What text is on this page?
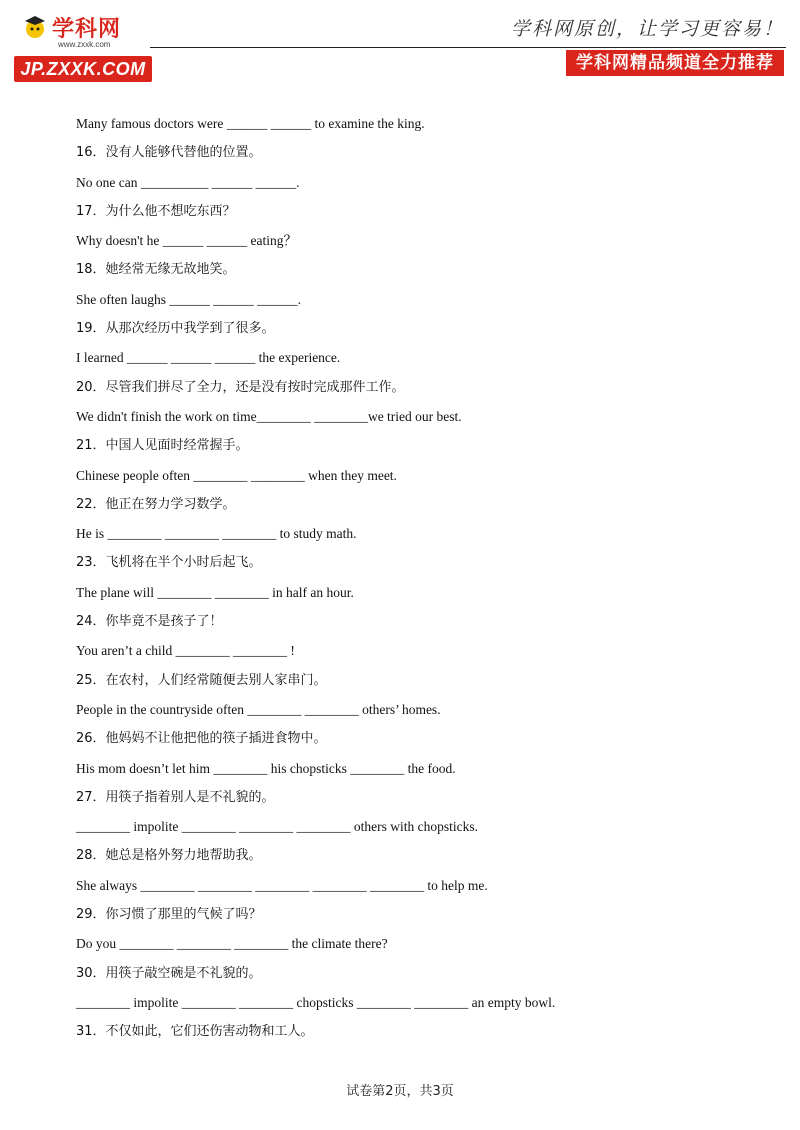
学科网
www.zxxk.com
JP.ZXXK.COM
学科网原创，让学习更容易！
学科网精品频道全力推荐
Many famous doctors were ______ ______ to examine the king.
16．没有人能够代替他的位置。
No one can __________ ______ ______.
17．为什么他不想吃东西？
Why doesn't he ______ ______ eating？
18．她经常无缘无故地笑。
She often laughs ______ ______ ______.
19．从那次经历中我学到了很多。
I learned ______ ______ ______ the experience.
20．尽管我们拼尽了全力，还是没有按时完成那件工作。
We didn't finish the work on time________ ________we tried our best.
21．中国人见面时经常握手。
Chinese people often ________ ________ when they meet.
22．他正在努力学习数学。
He is ________ ________ ________ to study math.
23．飞机将在半个小时后起飞。
The plane will ________ ________ in half an hour.
24．你毕竟不是孩子了！
You aren’t a child ________ ________ !
25．在农村，人们经常随便去别人家串门。
People in the countryside often ________ ________ others’ homes.
26．他妈妈不让他把他的筷子插进食物中。
His mom doesn’t let him ________ his chopsticks ________ the food.
27．用筷子指着别人是不礼貌的。
________ impolite ________ ________ ________ others with chopsticks.
28．她总是格外努力地帮助我。
She always ________ ________ ________ ________ ________ to help me.
29．你习惯了那里的气候了吗？
Do you ________ ________ ________ the climate there?
30．用筷子敲空碗是不礼貌的。
________ impolite ________ ________ chopsticks ________ ________ an empty bowl.
31．不仅如此，它们还伤害动物和工人。
试卷第2页，共3页
